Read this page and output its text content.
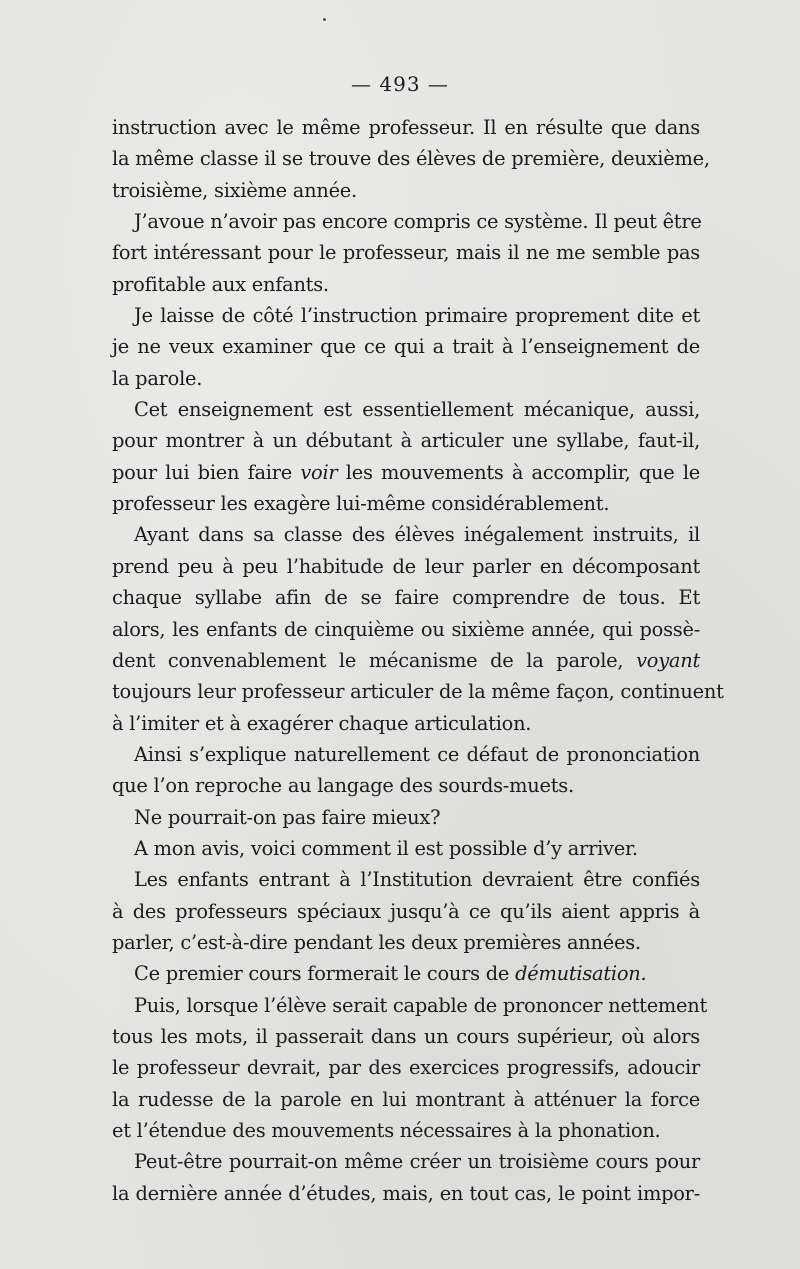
— 493 —
instruction avec le même professeur. Il en résulte que dans
la même classe il se trouve des élèves de première, deuxième,
troisième, sixième année.
J’avoue n’avoir pas encore compris ce système. Il peut être
fort intéressant pour le professeur, mais il ne me semble pas
profitable aux enfants.
Je laisse de côté l’instruction primaire proprement dite et
je ne veux examiner que ce qui a trait à l’enseignement de
la parole.
Cet enseignement est essentiellement mécanique, aussi,
pour montrer à un débutant à articuler une syllabe, faut-il,
pour lui bien faire voir les mouvements à accomplir, que le
professeur les exagère lui-même considérablement.
Ayant dans sa classe des élèves inégalement instruits, il
prend peu à peu l’habitude de leur parler en décomposant
chaque syllabe afin de se faire comprendre de tous. Et
alors, les enfants de cinquième ou sixième année, qui possè-
dent convenablement le mécanisme de la parole, voyant
toujours leur professeur articuler de la même façon, continuent
à l’imiter et à exagérer chaque articulation.
Ainsi s’explique naturellement ce défaut de prononciation
que l’on reproche au langage des sourds-muets.
Ne pourrait-on pas faire mieux?
A mon avis, voici comment il est possible d’y arriver.
Les enfants entrant à l’Institution devraient être confiés
à des professeurs spéciaux jusqu’à ce qu’ils aient appris à
parler, c’est-à-dire pendant les deux premières années.
Ce premier cours formerait le cours de démutisation.
Puis, lorsque l’élève serait capable de prononcer nettement
tous les mots, il passerait dans un cours supérieur, où alors
le professeur devrait, par des exercices progressifs, adoucir
la rudesse de la parole en lui montrant à atténuer la force
et l’étendue des mouvements nécessaires à la phonation.
Peut-être pourrait-on même créer un troisième cours pour
la dernière année d’études, mais, en tout cas, le point impor-
